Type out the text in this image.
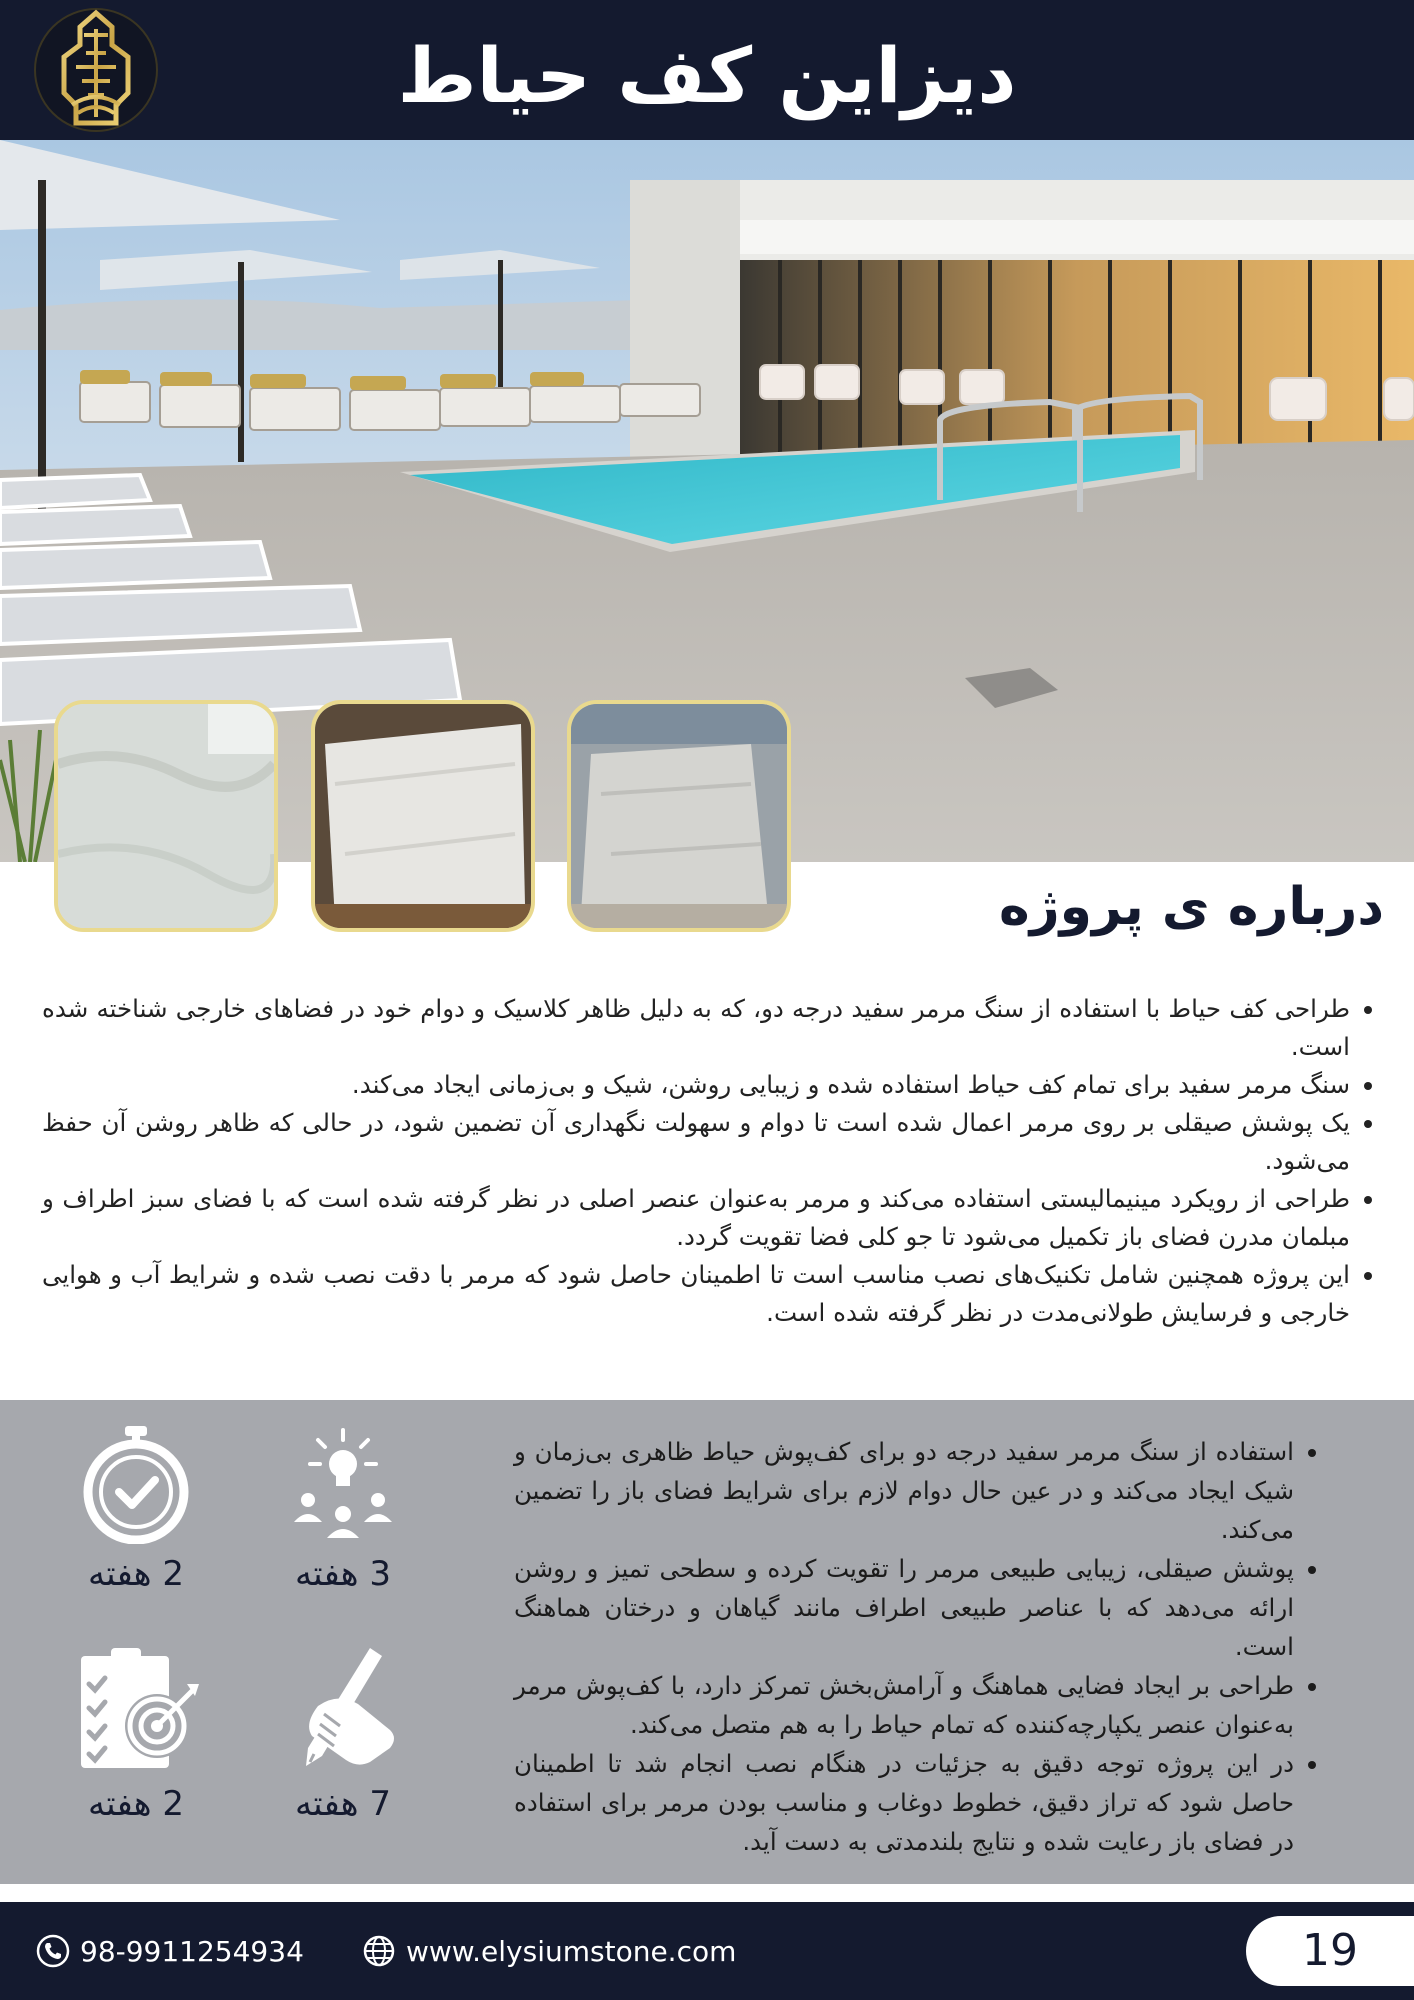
دیزاین کف حیاط
درباره ی پروژه
• طراحی کف حیاط با استفاده از سنگ مرمر سفید درجه دو، که به دلیل ظاهر کلاسیک و دوام خود در فضاهای خارجی شناخته شده است.
• سنگ مرمر سفید برای تمام کف حیاط استفاده شده و زیبایی روشن، شیک و بی‌زمانی ایجاد می‌کند.
• یک پوشش صیقلی بر روی مرمر اعمال شده است تا دوام و سهولت نگهداری آن تضمین شود، در حالی که ظاهر روشن آن حفظ می‌شود.
• طراحی از رویکرد مینیمالیستی استفاده می‌کند و مرمر به‌عنوان عنصر اصلی در نظر گرفته شده است که با فضای سبز اطراف و مبلمان مدرن فضای باز تکمیل می‌شود تا جو کلی فضا تقویت گردد.
• این پروژه همچنین شامل تکنیک‌های نصب مناسب است تا اطمینان حاصل شود که مرمر با دقت نصب شده و شرایط آب و هوایی خارجی و فرسایش طولانی‌مدت در نظر گرفته شده است.
• استفاده از سنگ مرمر سفید درجه دو برای کف‌پوش حیاط ظاهری بی‌زمان و شیک ایجاد می‌کند و در عین حال دوام لازم برای شرایط فضای باز را تضمین می‌کند.
• پوشش صیقلی، زیبایی طبیعی مرمر را تقویت کرده و سطحی تمیز و روشن ارائه می‌دهد که با عناصر طبیعی اطراف مانند گیاهان و درختان هماهنگ است.
• طراحی بر ایجاد فضایی هماهنگ و آرامش‌بخش تمرکز دارد، با کف‌پوش مرمر به‌عنوان عنصر یکپارچه‌کننده که تمام حیاط را به هم متصل می‌کند.
• در این پروژه توجه دقیق به جزئیات در هنگام نصب انجام شد تا اطمینان حاصل شود که تراز دقیق، خطوط دوغاب و مناسب بودن مرمر برای استفاده در فضای باز رعایت شده و نتایج بلندمدتی به دست آید.
2 هفته	3 هفته
2 هفته	7 هفته
98-9911254934	www.elysiumstone.com	19
